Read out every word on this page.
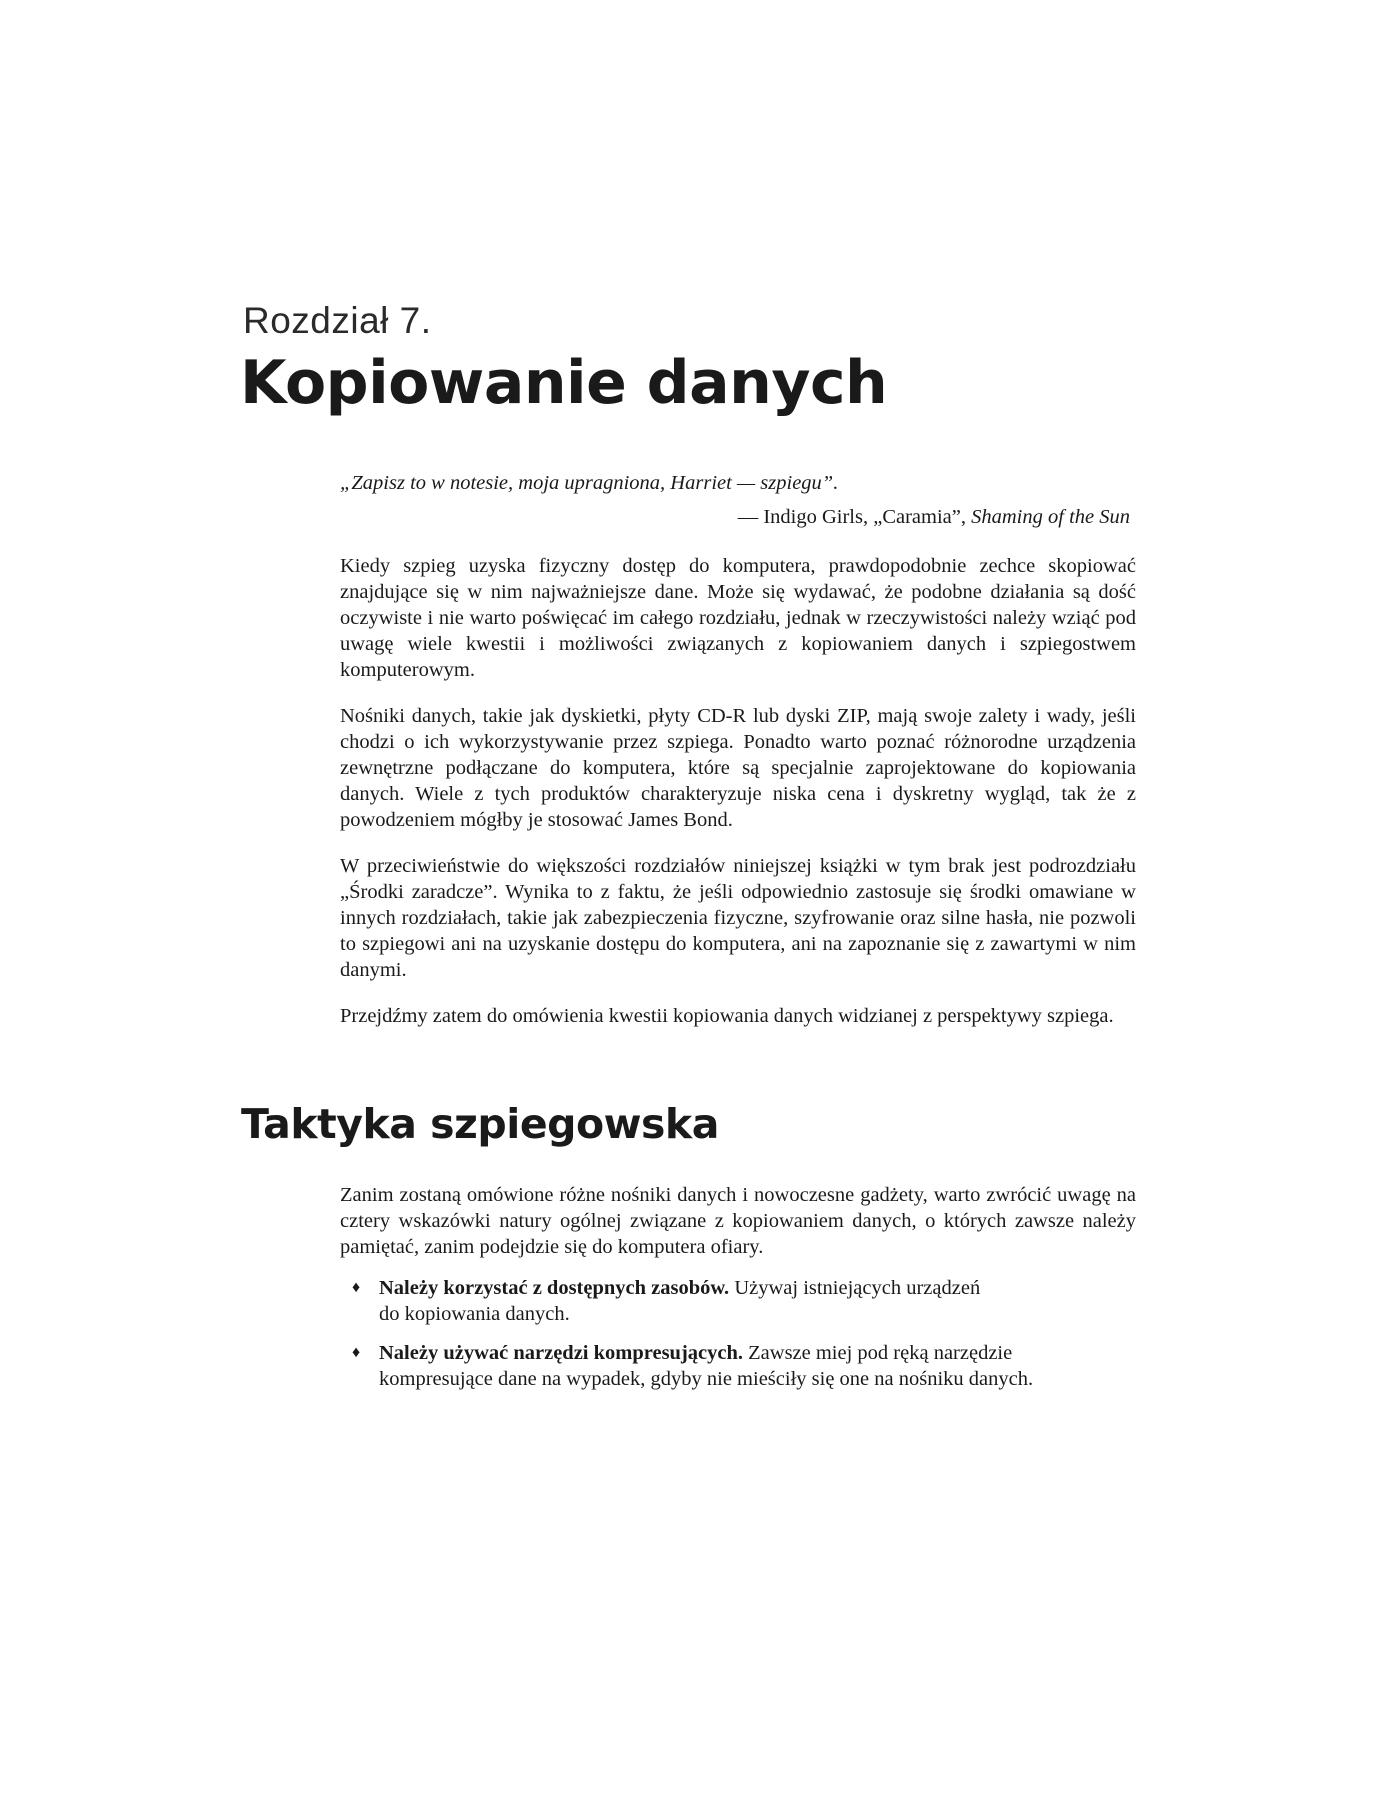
Rozdział 7.
Kopiowanie danych

„Zapisz to w notesie, moja upragniona, Harriet — szpiegu”.

— Indigo Girls, „Caramia”, Shaming of the Sun

Kiedy szpieg uzyska fizyczny dostęp do komputera, prawdopodobnie zechce skopiować znajdujące się w nim najważniejsze dane. Może się wydawać, że podobne działania są dość oczywiste i nie warto poświęcać im całego rozdziału, jednak w rzeczywistości należy wziąć pod uwagę wiele kwestii i możliwości związanych z kopiowaniem danych i szpiegostwem komputerowym.

Nośniki danych, takie jak dyskietki, płyty CD-R lub dyski ZIP, mają swoje zalety i wady, jeśli chodzi o ich wykorzystywanie przez szpiega. Ponadto warto poznać różnorodne urządzenia zewnętrzne podłączane do komputera, które są specjalnie zaprojektowane do kopiowania danych. Wiele z tych produktów charakteryzuje niska cena i dyskretny wygląd, tak że z powodzeniem mógłby je stosować James Bond.

W przeciwieństwie do większości rozdziałów niniejszej książki w tym brak jest podrozdziału „Środki zaradcze”. Wynika to z faktu, że jeśli odpowiednio zastosuje się środki omawiane w innych rozdziałach, takie jak zabezpieczenia fizyczne, szyfrowanie oraz silne hasła, nie pozwoli to szpiegowi ani na uzyskanie dostępu do komputera, ani na zapoznanie się z zawartymi w nim danymi.

Przejdźmy zatem do omówienia kwestii kopiowania danych widzianej z perspektywy szpiega.

Taktyka szpiegowska

Zanim zostaną omówione różne nośniki danych i nowoczesne gadżety, warto zwrócić uwagę na cztery wskazówki natury ogólnej związane z kopiowaniem danych, o których zawsze należy pamiętać, zanim podejdzie się do komputera ofiary.

♦ Należy korzystać z dostępnych zasobów. Używaj istniejących urządzeń
do kopiowania danych.
♦ Należy używać narzędzi kompresujących. Zawsze miej pod ręką narzędzie
kompresujące dane na wypadek, gdyby nie mieściły się one na nośniku danych.
